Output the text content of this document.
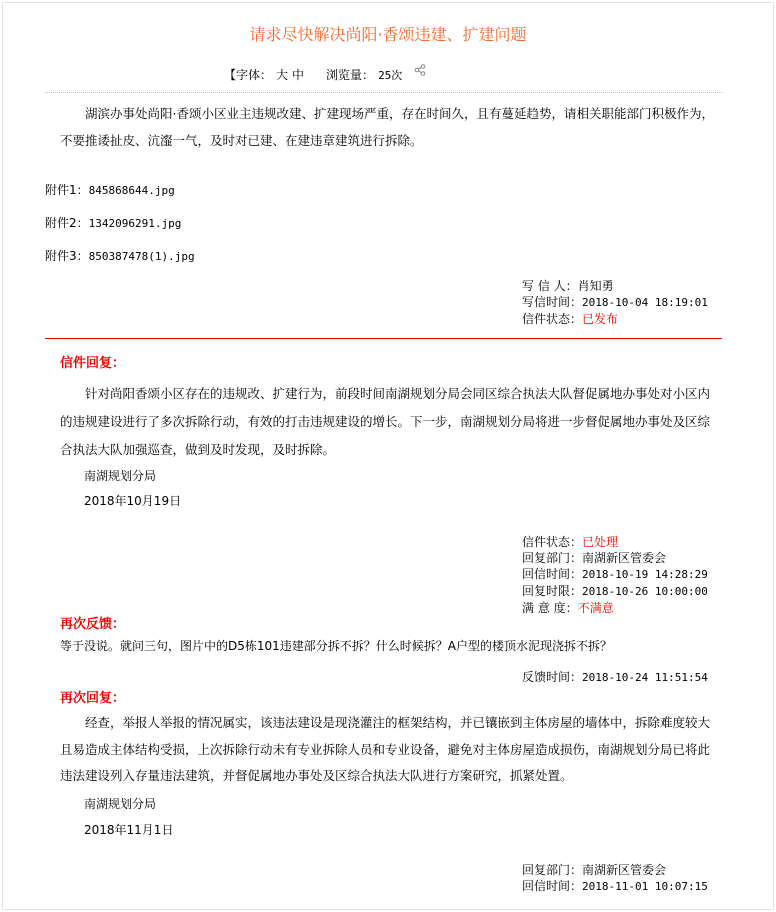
请求尽快解决尚阳·香颂违建、扩建问题
【字体： 大 中 浏览量： 25次
湖滨办事处尚阳·香颂小区业主违规改建、扩建现场严重，存在时间久，且有蔓延趋势，请相关职能部门积极作为，不要推诿扯皮、沆瀣一气，及时对已建、在建违章建筑进行拆除。
附件1：845868644.jpg
附件2：1342096291.jpg
附件3：850387478(1).jpg
写 信 人：肖知勇
写信时间：2018-10-04 18:19:01
信件状态：已发布
信件回复：
针对尚阳香颂小区存在的违规改、扩建行为，前段时间南湖规划分局会同区综合执法大队督促属地办事处对小区内的违规建设进行了多次拆除行动，有效的打击违规建设的增长。下一步，南湖规划分局将进一步督促属地办事处及区综合执法大队加强巡查，做到及时发现，及时拆除。
南湖规划分局
2018年10月19日
信件状态：已处理
回复部门：南湖新区管委会
回信时间：2018-10-19 14:28:29
回复时限：2018-10-26 10:00:00
满 意 度：不满意
再次反馈：
等于没说。就问三句，图片中的D5栋101违建部分拆不拆？什么时候拆？A户型的楼顶水泥现浇拆不拆？
反馈时间：2018-10-24 11:51:54
再次回复：
经查，举报人举报的情况属实，该违法建设是现浇灌注的框架结构，并已镶嵌到主体房屋的墙体中，拆除难度较大且易造成主体结构受损，上次拆除行动未有专业拆除人员和专业设备，避免对主体房屋造成损伤，南湖规划分局已将此违法建设列入存量违法建筑，并督促属地办事处及区综合执法大队进行方案研究，抓紧处置。
南湖规划分局
2018年11月1日
回复部门：南湖新区管委会
回信时间：2018-11-01 10:07:15
